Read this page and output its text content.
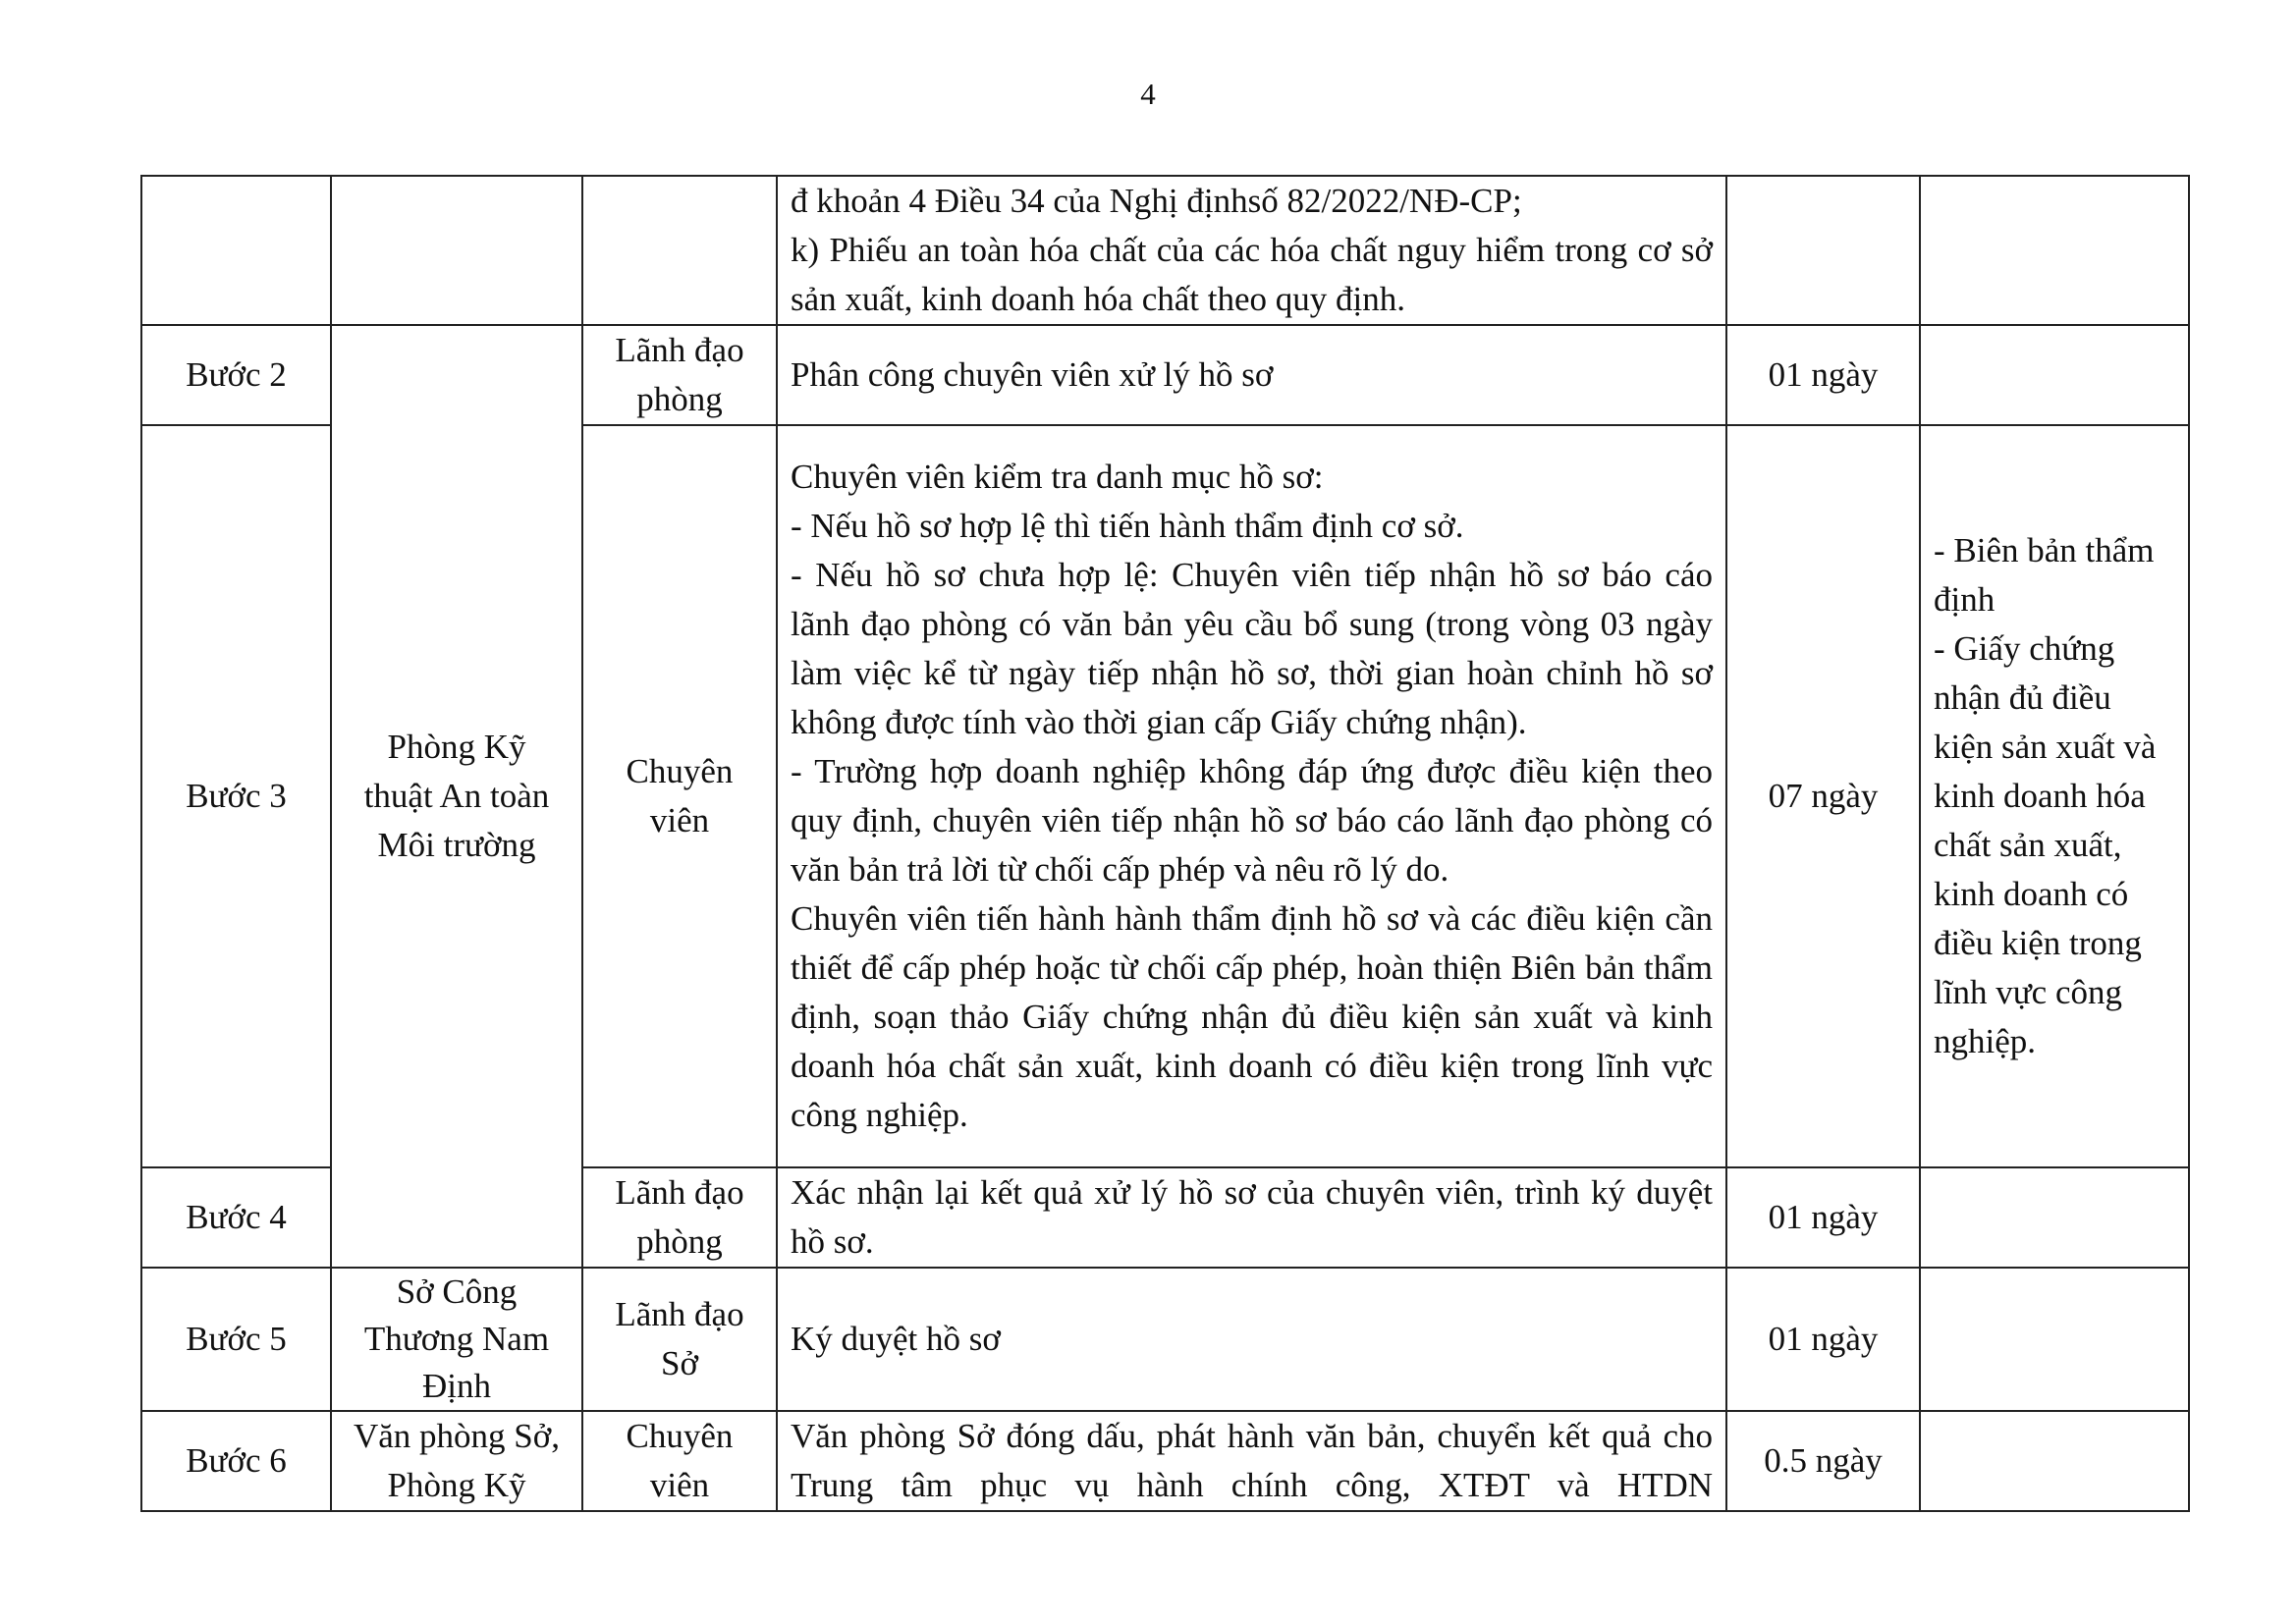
4

			đ khoản 4 Điều 34 của Nghị địnhsố 82/2022/NĐ-CP;
k) Phiếu an toàn hóa chất của các hóa chất nguy hiểm trong cơ sở sản xuất, kinh doanh hóa chất theo quy định.		

Bước 2	Phòng Kỹ thuật An toàn Môi trường	Lãnh đạo phòng	Phân công chuyên viên xử lý hồ sơ	01 ngày	
Bước 3		Chuyên viên	Chuyên viên kiểm tra danh mục hồ sơ:
- Nếu hồ sơ hợp lệ thì tiến hành thẩm định cơ sở.
- Nếu hồ sơ chưa hợp lệ: Chuyên viên tiếp nhận hồ sơ báo cáo lãnh đạo phòng có văn bản yêu cầu bổ sung (trong vòng 03 ngày làm việc kể từ ngày tiếp nhận hồ sơ, thời gian hoàn chỉnh hồ sơ không được tính vào thời gian cấp Giấy chứng nhận).
- Trường hợp doanh nghiệp không đáp ứng được điều kiện theo quy định, chuyên viên tiếp nhận hồ sơ báo cáo lãnh đạo phòng có văn bản trả lời từ chối cấp phép và nêu rõ lý do.
Chuyên viên tiến hành hành thẩm định hồ sơ và các điều kiện cần thiết để cấp phép hoặc từ chối cấp phép, hoàn thiện Biên bản thẩm định, soạn thảo Giấy chứng nhận đủ điều kiện sản xuất và kinh doanh hóa chất sản xuất, kinh doanh có điều kiện trong lĩnh vực công nghiệp.	07 ngày	- Biên bản thẩm định
- Giấy chứng nhận đủ điều kiện sản xuất và kinh doanh hóa chất sản xuất, kinh doanh có điều kiện trong lĩnh vực công nghiệp.

Bước 4		Lãnh đạo phòng	Xác nhận lại kết quả xử lý hồ sơ của chuyên viên, trình ký duyệt hồ sơ.	01 ngày	
Bước 5	Sở Công Thương Nam Định	Lãnh đạo Sở	Ký duyệt hồ sơ	01 ngày	
Bước 6	Văn phòng Sở, Phòng Kỹ	Chuyên viên	Văn phòng Sở đóng dấu, phát hành văn bản, chuyển kết quả cho Trung tâm phục vụ hành chính công, XTĐT và HTDN	0.5 ngày	
